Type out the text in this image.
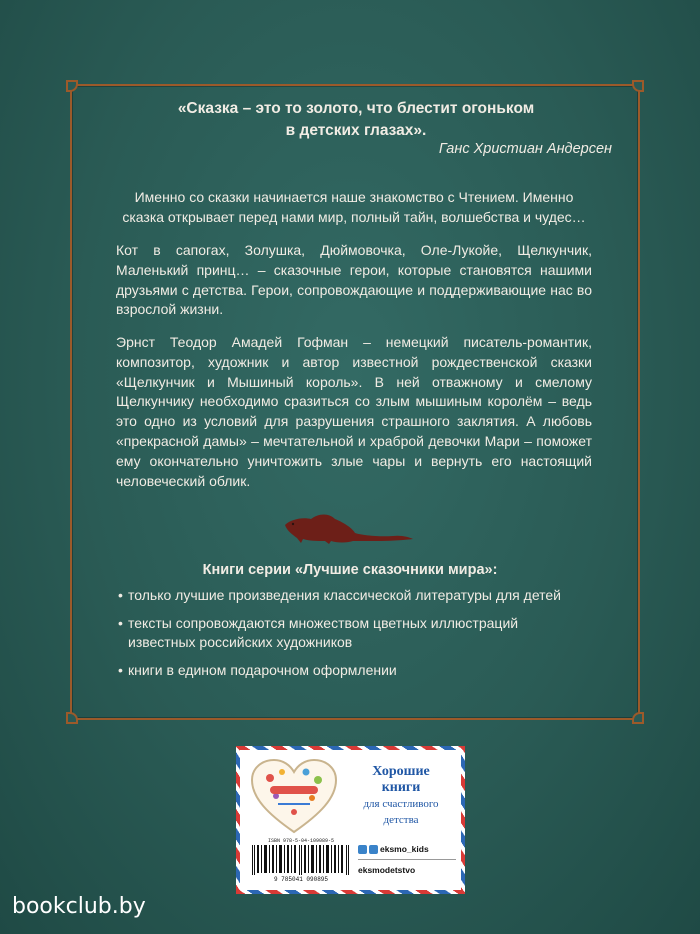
«Сказка – это то золото, что блестит огоньком
в детских глазах».
Ганс Христиан Андерсен

Именно со сказки начинается наше знакомство с Чтением. Именно сказка открывает перед нами мир, полный тайн, волшебства и чудес…

Кот в сапогах, Золушка, Дюймовочка, Оле-Лукойе, Щелкунчик, Маленький принц… – сказочные герои, которые становятся нашими друзьями с детства. Герои, сопровождающие и поддерживающие нас во взрослой жизни.

Эрнст Теодор Амадей Гофман – немецкий писатель-романтик, композитор, художник и автор известной рождественской сказки «Щелкунчик и Мышиный король». В ней отважному и смелому Щелкунчику необходимо сразиться со злым мышиным королём – ведь это одно из условий для разрушения страшного заклятия. А любовь «прекрасной дамы» – мечтательной и храброй девочки Мари – поможет ему окончательно уничтожить злые чары и вернуть его настоящий человеческий облик.

Книги серии «Лучшие сказочники мира»:
• только лучшие произведения классической литературы для детей
• тексты сопровождаются множеством цветных иллюстраций известных российских художников
• книги в едином подарочном оформлении
Хорошие
книги
для счастливого
детства
ISBN 978-5-04-109089-5
9 785041 090895
eksmo_kids
eksmodetstvo
bookclub.by
